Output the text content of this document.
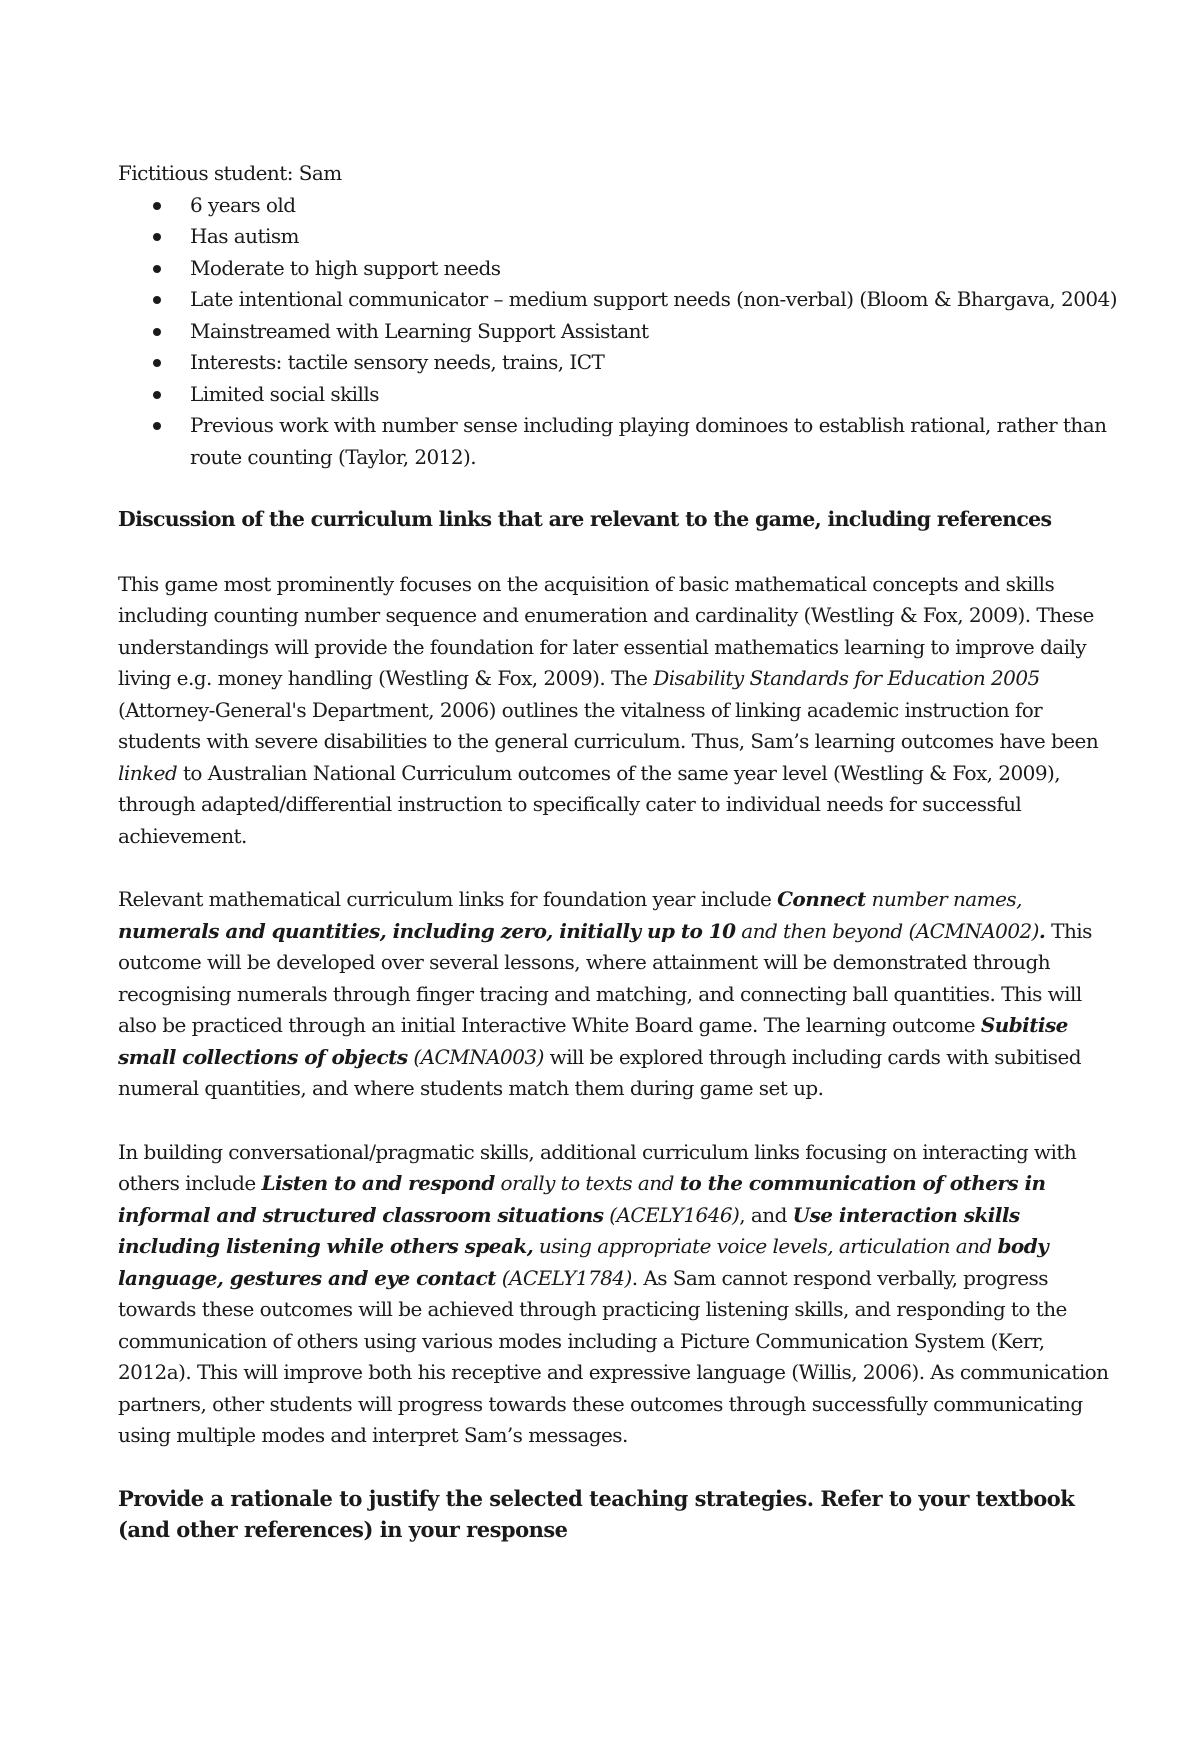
Fictitious student: Sam

6 years old
Has autism
Moderate to high support needs
Late intentional communicator – medium support needs (non-verbal) (Bloom & Bhargava, 2004)
Mainstreamed with Learning Support Assistant
Interests: tactile sensory needs, trains, ICT
Limited social skills
Previous work with number sense including playing dominoes to establish rational, rather than route counting (Taylor, 2012).

Discussion of the curriculum links that are relevant to the game, including references

This game most prominently focuses on the acquisition of basic mathematical concepts and skills including counting number sequence and enumeration and cardinality (Westling & Fox, 2009). These understandings will provide the foundation for later essential mathematics learning to improve daily living e.g. money handling (Westling & Fox, 2009). The Disability Standards for Education 2005 (Attorney-General's Department, 2006) outlines the vitalness of linking academic instruction for students with severe disabilities to the general curriculum. Thus, Sam’s learning outcomes have been linked to Australian National Curriculum outcomes of the same year level (Westling & Fox, 2009), through adapted/differential instruction to specifically cater to individual needs for successful achievement.

Relevant mathematical curriculum links for foundation year include Connect number names, numerals and quantities, including zero, initially up to 10 and then beyond (ACMNA002). This outcome will be developed over several lessons, where attainment will be demonstrated through recognising numerals through finger tracing and matching, and connecting ball quantities. This will also be practiced through an initial Interactive White Board game. The learning outcome Subitise small collections of objects (ACMNA003) will be explored through including cards with subitised numeral quantities, and where students match them during game set up.

In building conversational/pragmatic skills, additional curriculum links focusing on interacting with others include Listen to and respond orally to texts and to the communication of others in informal and structured classroom situations (ACELY1646), and Use interaction skills including listening while others speak, using appropriate voice levels, articulation and body language, gestures and eye contact (ACELY1784). As Sam cannot respond verbally, progress towards these outcomes will be achieved through practicing listening skills, and responding to the communication of others using various modes including a Picture Communication System (Kerr, 2012a). This will improve both his receptive and expressive language (Willis, 2006). As communication partners, other students will progress towards these outcomes through successfully communicating using multiple modes and interpret Sam’s messages.

Provide a rationale to justify the selected teaching strategies. Refer to your textbook (and other references) in your response
